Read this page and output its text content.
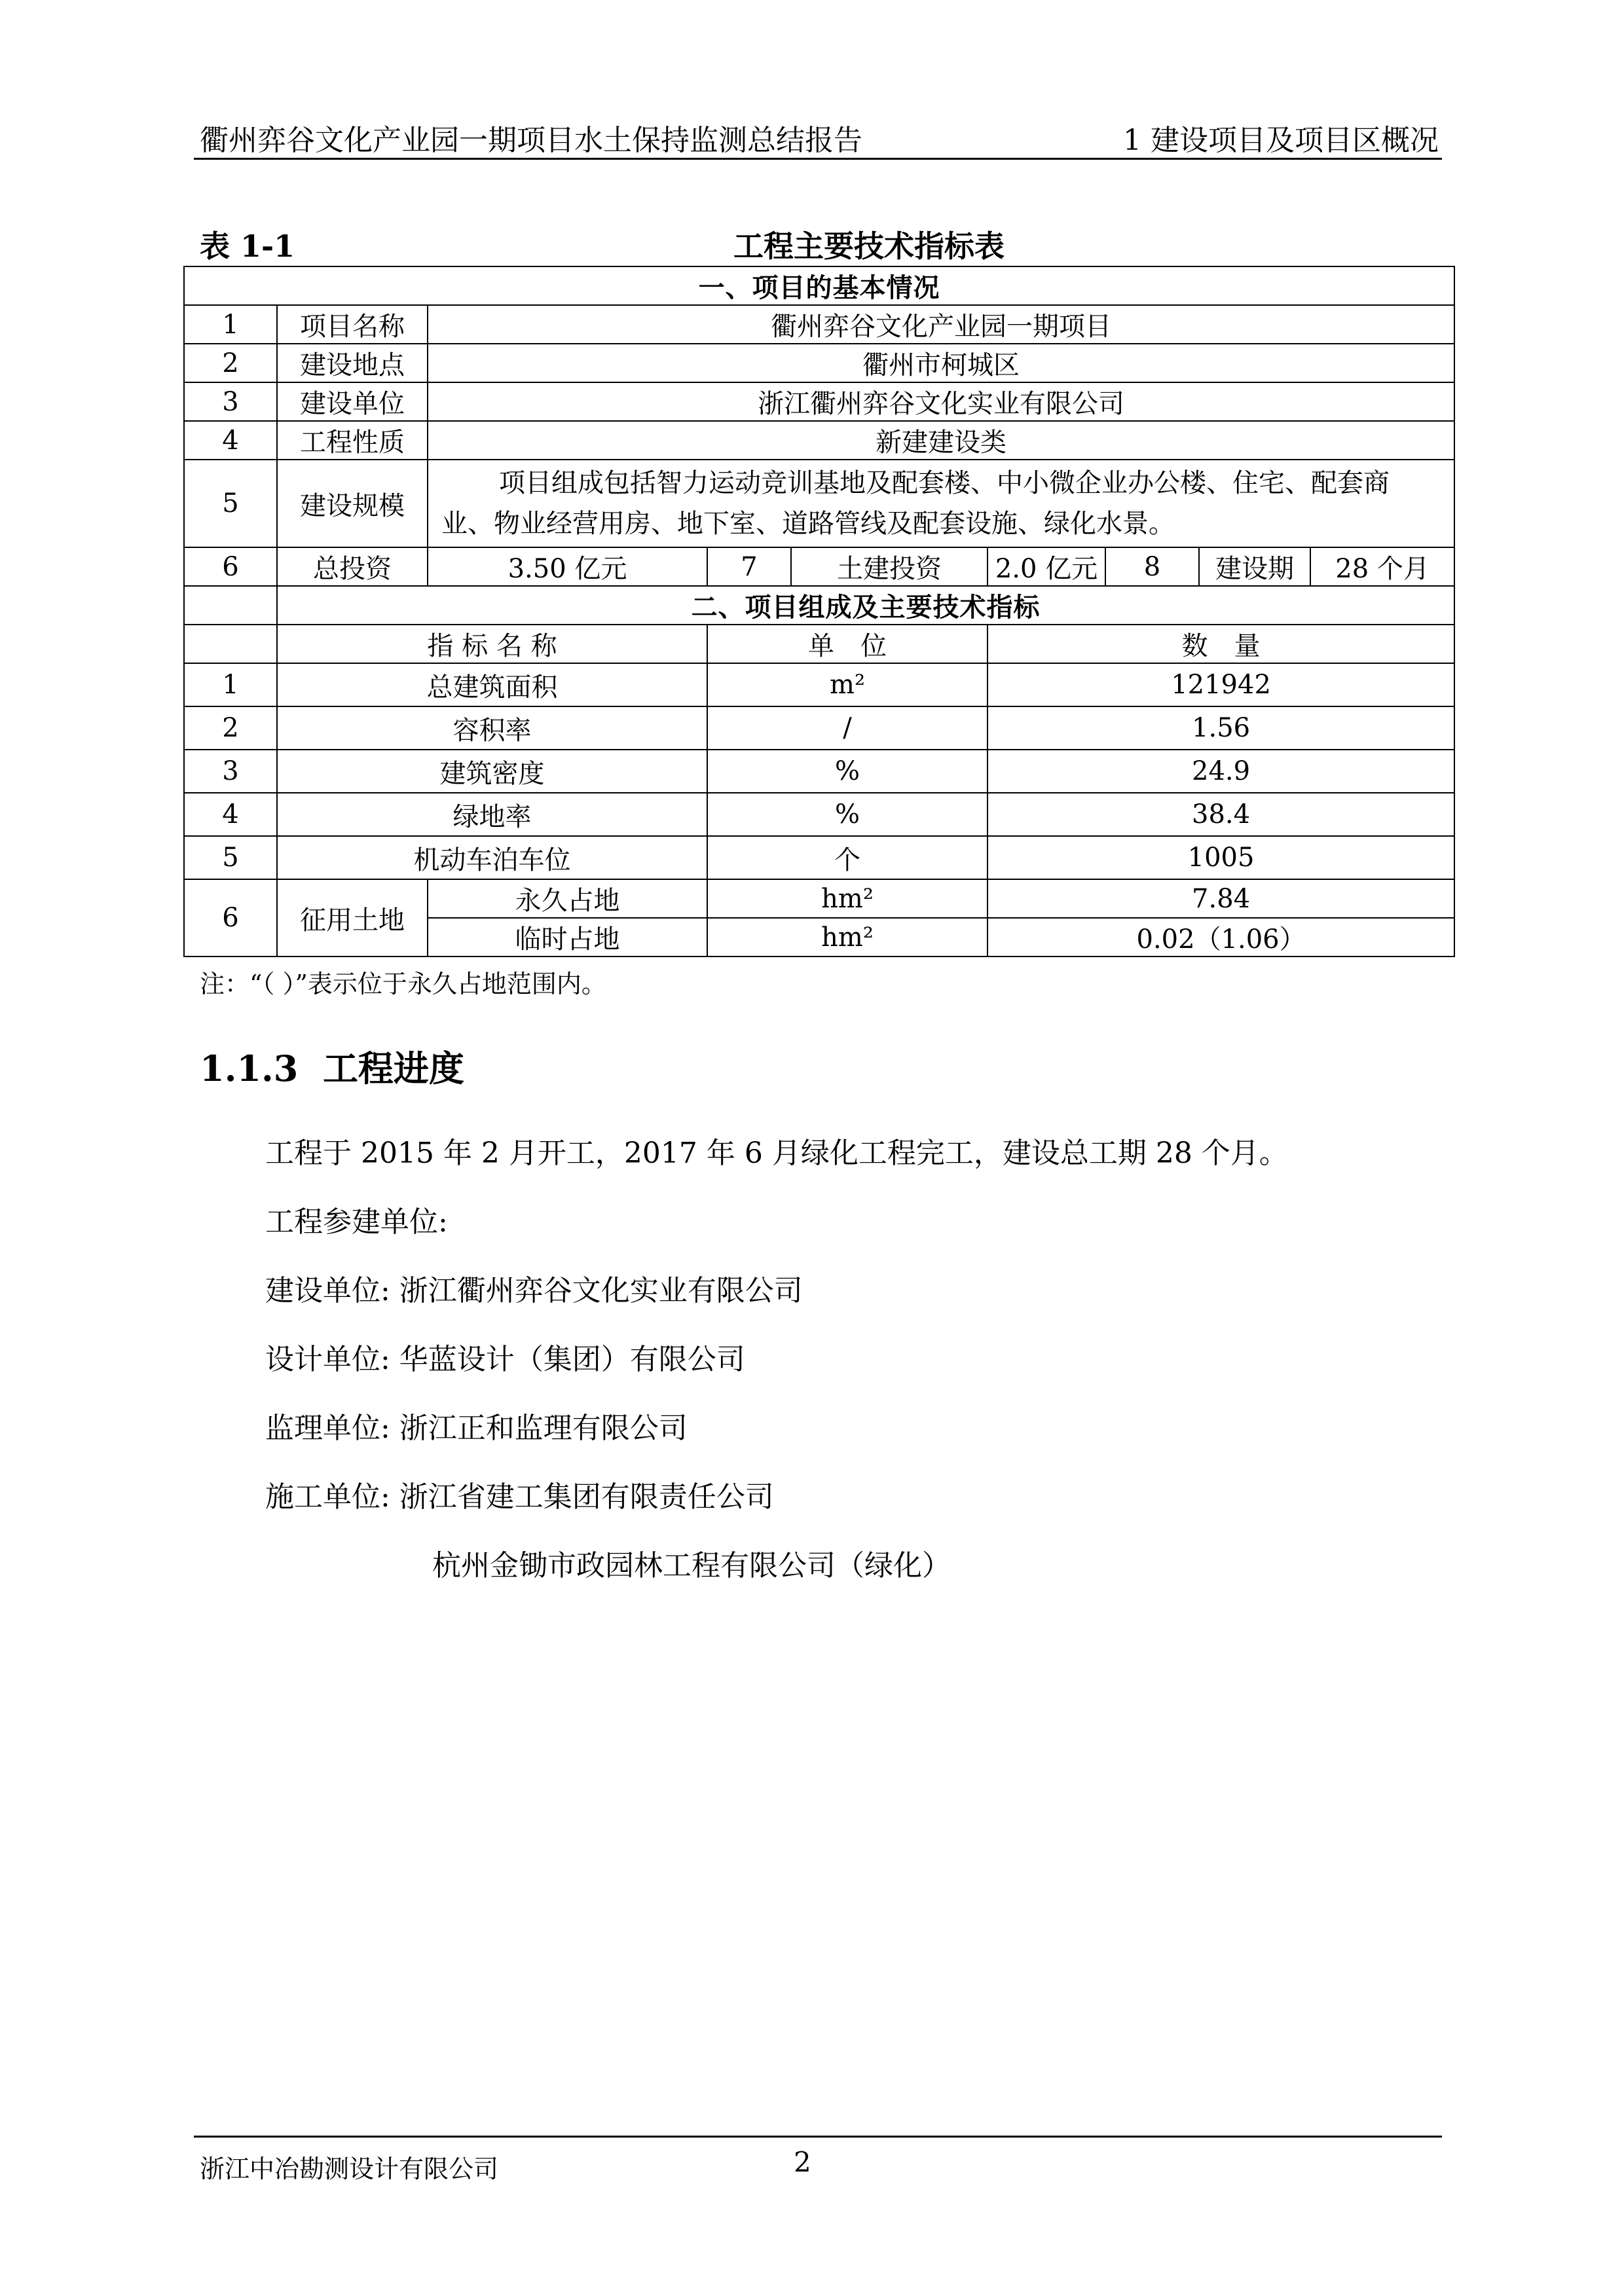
衢州弈谷文化产业园一期项目水土保持监测总结报告	1 建设项目及项目区概况
表 1-1	工程主要技术指标表
一、项目的基本情况								
1	项目名称	衢州弈谷文化产业园一期项目						
2	建设地点	衢州市柯城区						
3	建设单位	浙江衢州弈谷文化实业有限公司						
4	工程性质	新建建设类						
5	建设规模	项目组成包括智力运动竞训基地及配套楼、中小微企业办公楼、住宅、配套商业、物业经营用房、地下室、道路管线及配套设施、绿化水景。						
6	总投资	3.50 亿元	7	土建投资	2.0 亿元	8	建设期	28 个月
	二、项目组成及主要技术指标							
	指 标 名 称		单　位		数　量			
1	总建筑面积		m²		121942			
2	容积率		/		1.56			
3	建筑密度		%		24.9			
4	绿地率		%		38.4			
5	机动车泊车位		个		1005			
6	征用土地	永久占地	hm²		7.84			
		临时占地	hm²		0.02（1.06）			
注：“（ ）”表示位于永久占地范围内。
1.1.3 工程进度
工程于 2015 年 2 月开工，2017 年 6 月绿化工程完工，建设总工期 28 个月。
工程参建单位:
建设单位: 浙江衢州弈谷文化实业有限公司
设计单位: 华蓝设计（集团）有限公司
监理单位: 浙江正和监理有限公司
施工单位: 浙江省建工集团有限责任公司
杭州金锄市政园林工程有限公司（绿化）
浙江中冶勘测设计有限公司	2
